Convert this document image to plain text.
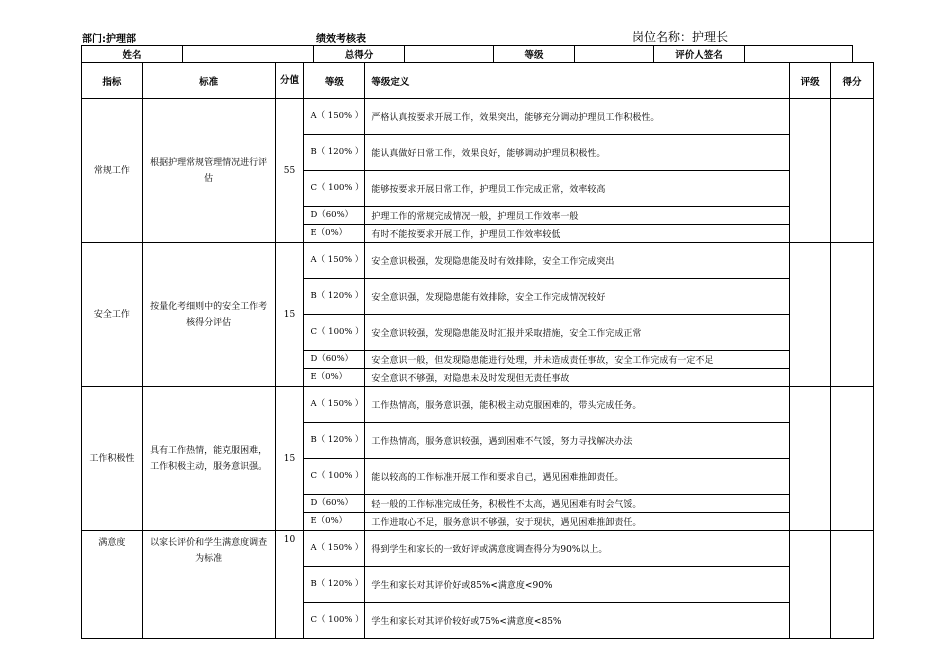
部门:护理部	绩效考核表	岗位名称：护理长
姓名		总得分		等级		评价人签名	
指标	标准	分值	等级	等级定义	评级	得分
常规工作	根据护理常规管理情况进行评估	55	A（ 150% ）	严格认真按要求开展工作，效果突出，能够充分调动护理员工作积极性。		
			B（ 120% ）	能认真做好日常工作，效果良好，能够调动护理员积极性。		
			C（ 100% ）	能够按要求开展日常工作，护理员工作完成正常，效率较高		
			D（60%）	护理工作的常规完成情况一般，护理员工作效率一般		
			E（0%）	有时不能按要求开展工作，护理员工作效率较低		
安全工作	按量化考细则中的安全工作考核得分评估	15	A（ 150% ）	安全意识极强，发现隐患能及时有效排除，安全工作完成突出		
			B（ 120% ）	安全意识强，发现隐患能有效排除，安全工作完成情况较好		
			C（ 100% ）	安全意识较强，发现隐患能及时汇报并采取措施，安全工作完成正常		
			D（60%）	安全意识一般，但发现隐患能进行处理，并未造成责任事故，安全工作完成有一定不足		
			E（0%）	安全意识不够强，对隐患未及时发现但无责任事故		
工作积极性	具有工作热情，能克服困难，工作积极主动，服务意识强。	15	A（ 150% ）	工作热情高，服务意识强，能积极主动克服困难的，带头完成任务。		
			B（ 120% ）	工作热情高，服务意识较强，遇到困难不气馁，努力寻找解决办法		
			C（ 100% ）	能以较高的工作标准开展工作和要求自己，遇见困难推卸责任。		
			D（60%）	轻一般的工作标准完成任务，积极性不太高，遇见困难有时会气馁。		
			E（0%）	工作进取心不足，服务意识不够强，安于现状，遇见困难推卸责任。		
满意度	以家长评价和学生满意度调查为标准	10	A（ 150% ）	得到学生和家长的一致好评或满意度调查得分为90%以上。		
			B（ 120% ）	学生和家长对其评价好或85%<满意度<90%		
			C（ 100% ）	学生和家长对其评价较好或75%<满意度<85%		
